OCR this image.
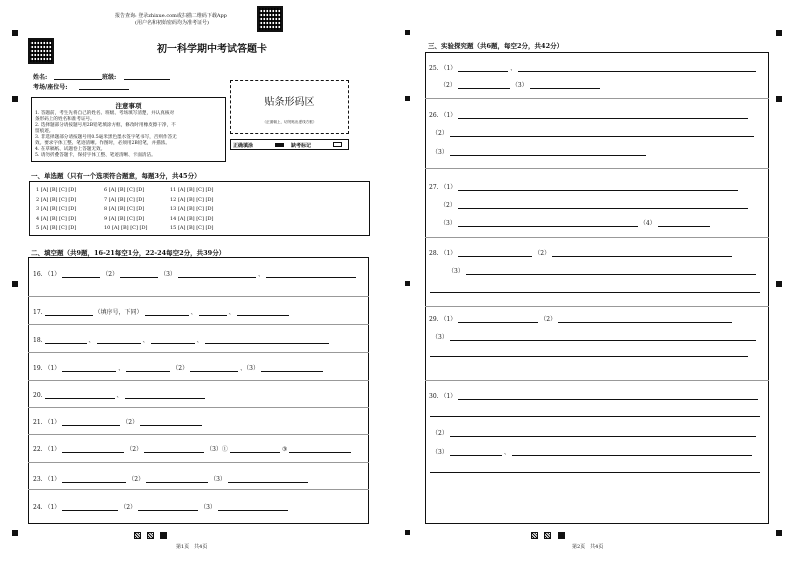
报告查询: 登录zhixue.com或扫描二维码下载App
(用户名和初始密码均为准考证号)
初一科学期中考试答题卡
姓名:	班级:
考场/座位号:
注意事项
1. 答题前，考生先将自己的姓名、班级、考场填写清楚，并认真核对
条形码上的姓名和准考证号。
2. 选择题部分请按题号用2B铅笔填涂方框，修改时用橡皮擦干净，不
留痕迹。
3. 非选择题部分请按题号用0.5毫米黑色墨水签字笔书写，否则作答无
效。要求字体工整、笔迹清晰。作图时，必须用2B铅笔，并描浓。
4. 在草稿纸、试题卷上答题无效。
5. 请勿折叠答题卡，保持字体工整、笔迹清晰、卡面清洁。
贴条形码区
（正面朝上，切勿贴出虚线方框）
正确填涂	缺考标记
一、单选题（只有一个选项符合题意，每题3分，共45分）
1 [A] [B] [C] [D]	6 [A] [B] [C] [D]	11 [A] [B] [C] [D]
2 [A] [B] [C] [D]	7 [A] [B] [C] [D]	12 [A] [B] [C] [D]
3 [A] [B] [C] [D]	8 [A] [B] [C] [D]	13 [A] [B] [C] [D]
4 [A] [B] [C] [D]	9 [A] [B] [C] [D]	14 [A] [B] [C] [D]
5 [A] [B] [C] [D]	10 [A] [B] [C] [D]	15 [A] [B] [C] [D]
二、填空题（共9题，16-21每空1分，22-24每空2分，共39分）
16. （1）	（2）	（3）	、
17.	（填序号，下同）	、	、
18.	、	、	、
19. （1）	、	（2）	、（3）
20.	、
21. （1）	（2）
22. （1）	（2）	（3）①	③
23. （1）	（2）	（3）
24. （1）	（2）	（3）
第1页　共4页
三、实验探究题（共6题，每空2分，共42分）
25. （1）	、
（2）	（3）
26. （1）
（2）
（3）
27. （1）
（2）
（3）	（4）
28. （1）	（2）
（3）
29. （1）	（2）
（3）
30. （1）
（2）
（3）	、
第2页　共4页
